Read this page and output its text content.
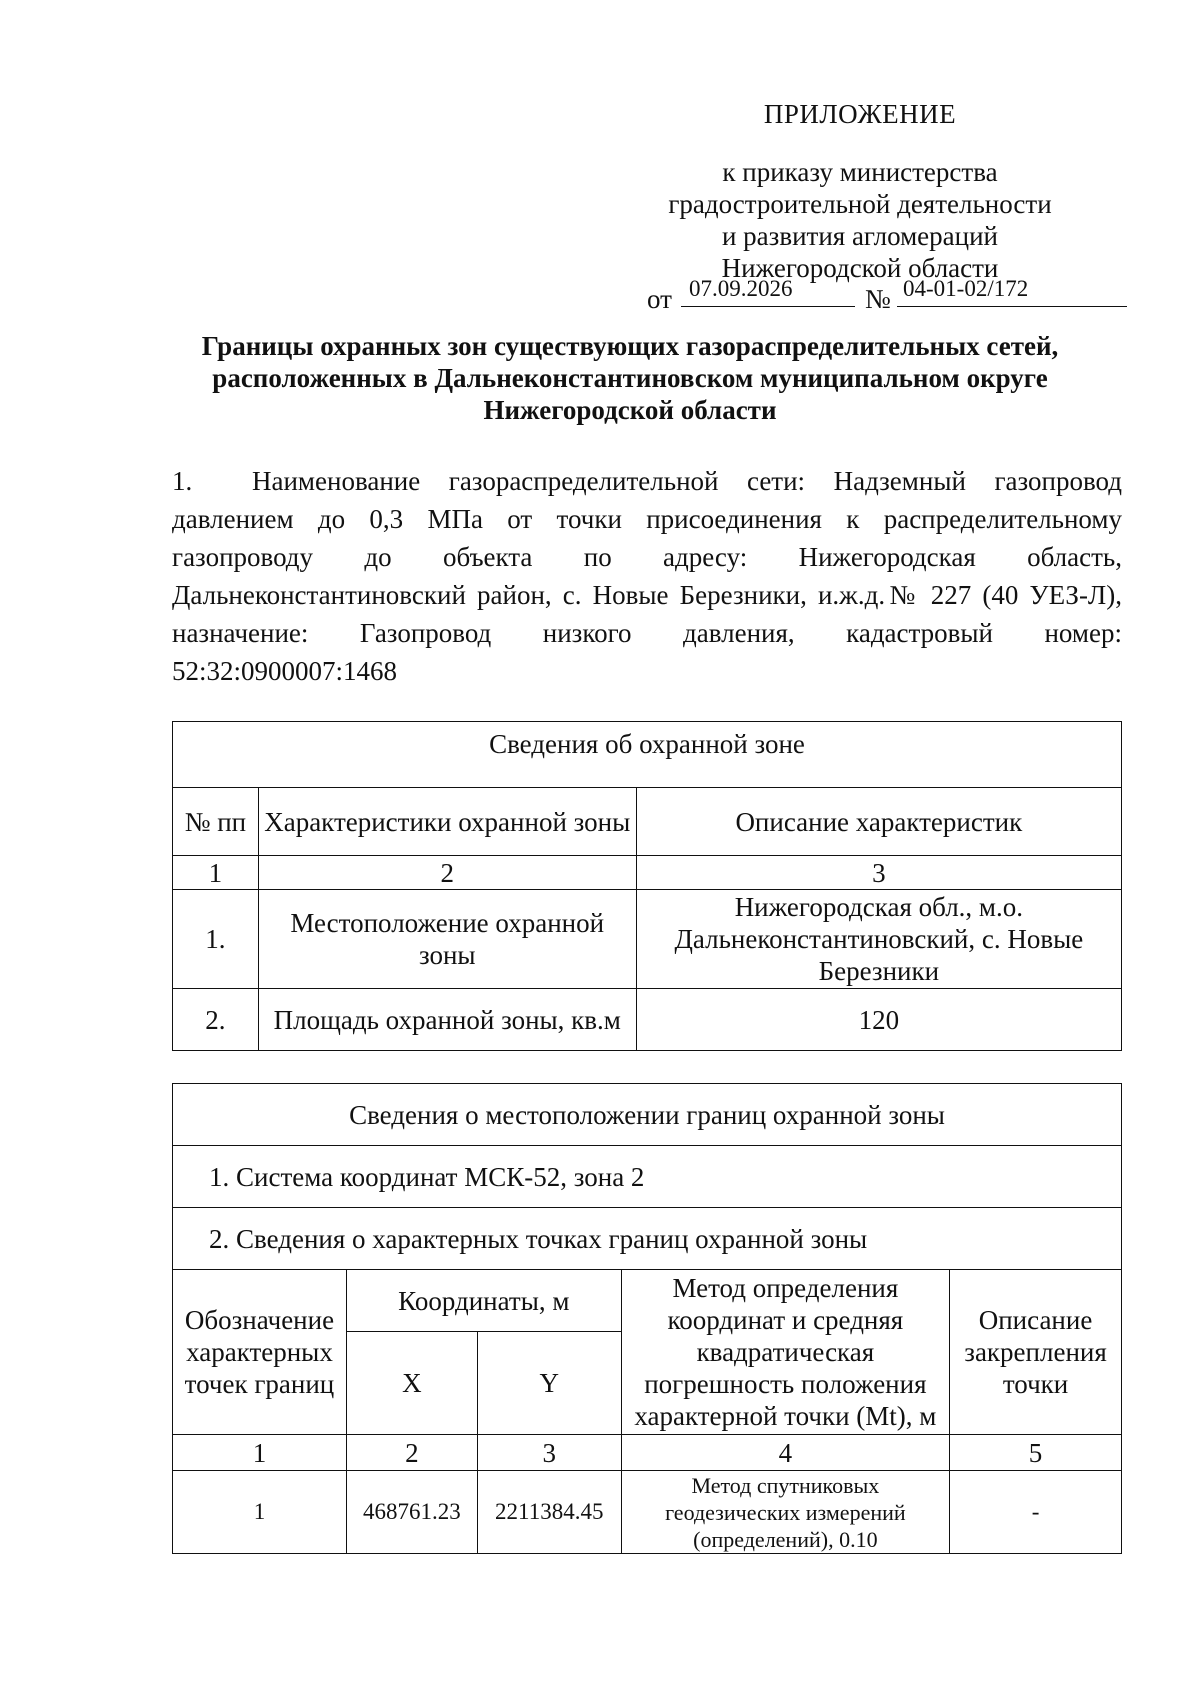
ПРИЛОЖЕНИЕ
к приказу министерства
градостроительной деятельности
и развития агломераций
Нижегородской области
от 07.09.2026	№ 04-01-02/172
Границы охранных зон существующих газораспределительных сетей,
расположенных в Дальнеконстантиновском муниципальном округе
Нижегородской области
1. Наименование газораспределительной сети: Надземный газопровод давлением до 0,3 МПа от точки присоединения к распределительному газопроводу до объекта по адресу: Нижегородская область, Дальнеконстантиновский район, с. Новые Березники, и.ж.д.№ 227 (40 УЕЗ-Л), назначение: Газопровод низкого давления, кадастровый номер: 52:32:0900007:1468
Сведения об охранной зоне		
№ пп	Характеристики охранной зоны	Описание характеристик
1	2	3
1.	Местоположение охранной зоны	Нижегородская обл., м.о. Дальнеконстантиновский, с. Новые Березники
2.	Площадь охранной зоны, кв.м	120
Сведения о местоположении границ охранной зоны				
1. Система координат МСК-52, зона 2				
2. Сведения о характерных точках границ охранной зоны				
Обозначение характерных точек границ	Координаты, м		Метод определения координат и средняя квадратическая погрешность положения характерной точки (Mt), м	Описание закрепления точки
	X	Y		
1	2	3	4	5
1	468761.23	2211384.45	Метод спутниковых геодезических измерений (определений), 0.10	-
